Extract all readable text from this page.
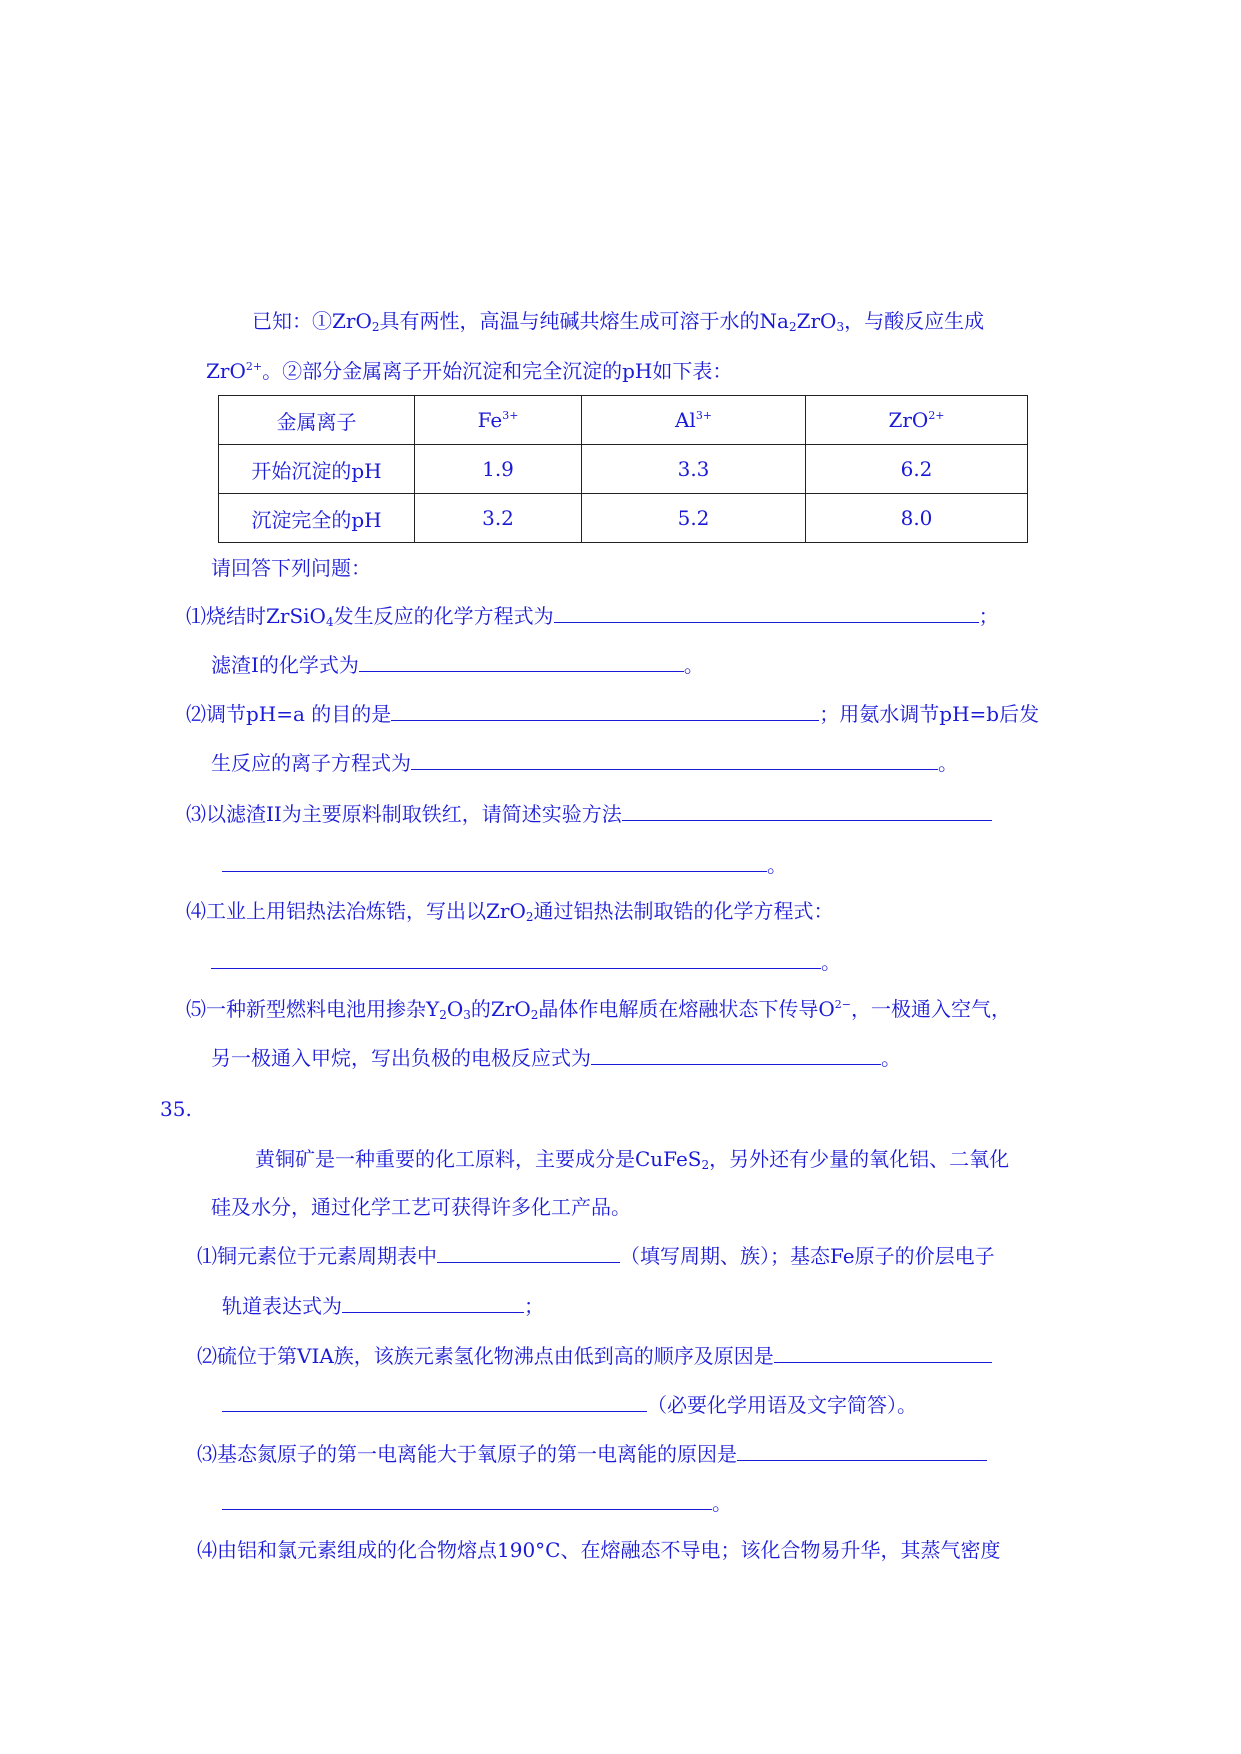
已知：①ZrO$_2$具有两性，高温与纯碱共熔生成可溶于水的$Na_2ZrO_3$，与酸反应生成
ZrO$^{2+}$。②部分金属离子开始沉淀和完全沉淀的pH如下表：
金属离子	$Fe^{3+}$	$Al^{3+}$	ZrO$^{2+}$
开始沉淀的pH	1.9	3.3	6.2
沉淀完全的pH	3.2	5.2	8.0
请回答下列问题：
⑴烧结时ZrSiO$_4$发生反应的化学方程式为	；
滤渣I的化学式为	。
⑵调节pH=a 的目的是	；用氨水调节pH=b后发
生反应的离子方程式为	。
⑶以滤渣II为主要原料制取铁红，请简述实验方法
。
⑷工业上用铝热法冶炼锆，写出以ZrO$_2$通过铝热法制取锆的化学方程式：
。
⑸一种新型燃料电池用掺杂$Y_2O_3$的ZrO$_2$晶体作电解质在熔融状态下传导$O^{2-}$，一极通入空气，
另一极通入甲烷，写出负极的电极反应式为	。
35.
黄铜矿是一种重要的化工原料，主要成分是CuFeS$_2$，另外还有少量的氧化铝、二氧化
硅及水分，通过化学工艺可获得许多化工产品。
⑴铜元素位于元素周期表中	（填写周期、族）；基态Fe原子的价层电子
轨道表达式为	；
⑵硫位于第VIA族，该族元素氢化物沸点由低到高的顺序及原因是
（必要化学用语及文字简答）。
⑶基态氮原子的第一电离能大于氧原子的第一电离能的原因是
。
⑷由铝和氯元素组成的化合物熔点190°C、在熔融态不导电；该化合物易升华，其蒸气密度
